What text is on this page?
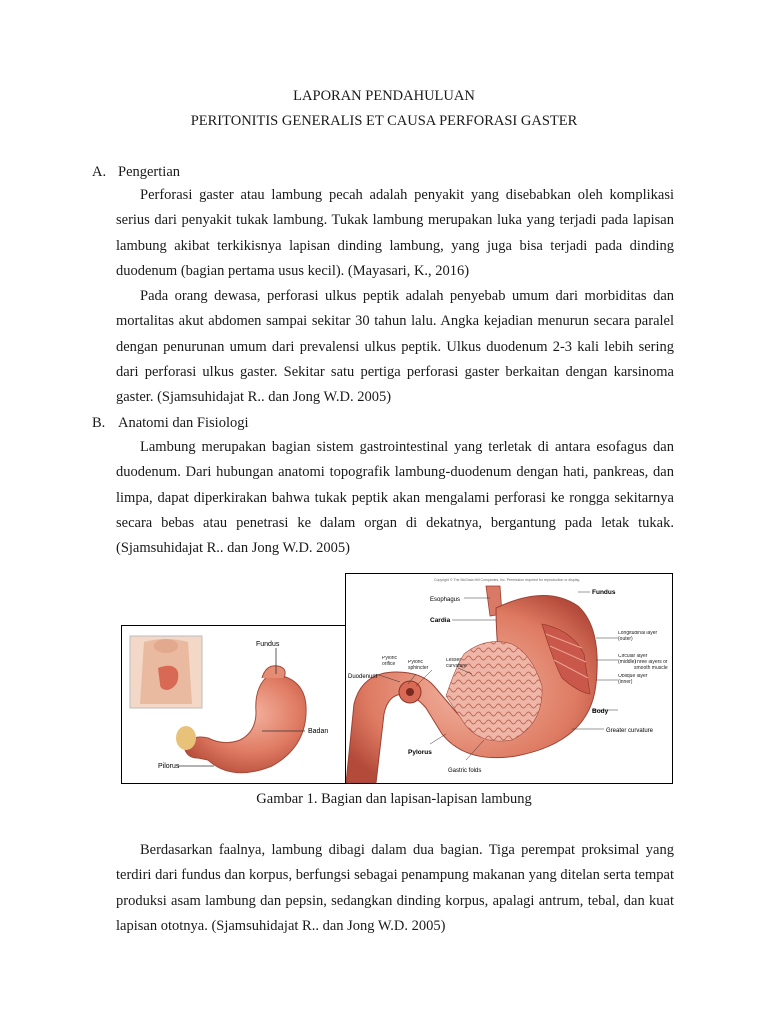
LAPORAN PENDAHULUAN
PERITONITIS GENERALIS ET CAUSA PERFORASI GASTER
A. Pengertian

Perforasi gaster atau lambung pecah adalah penyakit yang disebabkan oleh komplikasi serius dari penyakit tukak lambung. Tukak lambung merupakan luka yang terjadi pada lapisan lambung akibat terkikisnya lapisan dinding lambung, yang juga bisa terjadi pada dinding duodenum (bagian pertama usus kecil). (Mayasari, K., 2016)

Pada orang dewasa, perforasi ulkus peptik adalah penyebab umum dari morbiditas dan mortalitas akut abdomen sampai sekitar 30 tahun lalu. Angka kejadian menurun secara paralel dengan penurunan umum dari prevalensi ulkus peptik. Ulkus duodenum 2-3 kali lebih sering dari perforasi ulkus gaster. Sekitar satu pertiga perforasi gaster berkaitan dengan karsinoma gaster. (Sjamsuhidajat R.. dan Jong W.D. 2005)

B. Anatomi dan Fisiologi

Lambung merupakan bagian sistem gastrointestinal yang terletak di antara esofagus dan duodenum. Dari hubungan anatomi topografik lambung-duodenum dengan hati, pankreas, dan limpa, dapat diperkirakan bahwa tukak peptik akan mengalami perforasi ke rongga sekitarnya secara bebas atau penetrasi ke dalam organ di dekatnya, bergantung pada letak tukak. (Sjamsuhidajat R.. dan Jong W.D. 2005)

Fundus
Badan
Pilorus
Copyright © The McGraw-Hill Companies, Inc. Permission required for reproduction or display.
Fundus
Esophagus
Cardia
Longitudinal layer (outer)
Circular layer (middle)
Oblique layer (inner)
Three layers of smooth muscle
Pyloric orifice	Pyloric sphincter
Lesser curvature
Duodenum
Body
Greater curvature
Pylorus
Gastric folds
Gambar 1. Bagian dan lapisan-lapisan lambung

Berdasarkan faalnya, lambung dibagi dalam dua bagian. Tiga perempat proksimal yang terdiri dari fundus dan korpus, berfungsi sebagai penampung makanan yang ditelan serta tempat produksi asam lambung dan pepsin, sedangkan dinding korpus, apalagi antrum, tebal, dan kuat lapisan ototnya. (Sjamsuhidajat R.. dan Jong W.D. 2005)
